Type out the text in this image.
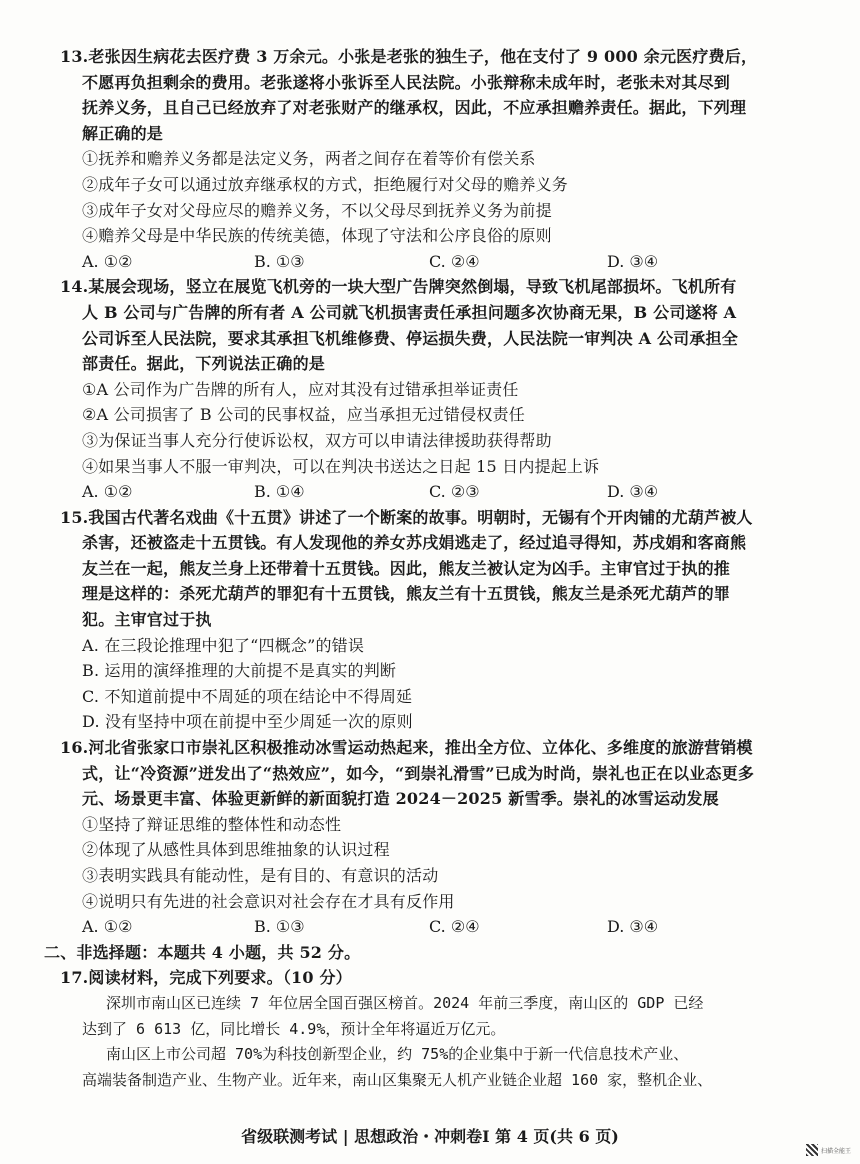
13.老张因生病花去医疗费 3 万余元。小张是老张的独生子，他在支付了 9 000 余元医疗费后，
不愿再负担剩余的费用。老张遂将小张诉至人民法院。小张辩称未成年时，老张未对其尽到
抚养义务，且自己已经放弃了对老张财产的继承权，因此，不应承担赡养责任。据此，下列理
解正确的是
①抚养和赡养义务都是法定义务，两者之间存在着等价有偿关系
②成年子女可以通过放弃继承权的方式，拒绝履行对父母的赡养义务
③成年子女对父母应尽的赡养义务，不以父母尽到抚养义务为前提
④赡养父母是中华民族的传统美德，体现了守法和公序良俗的原则
A. ①②	B. ①③	C. ②④	D. ③④
14.某展会现场，竖立在展览飞机旁的一块大型广告牌突然倒塌，导致飞机尾部损坏。飞机所有
人 B 公司与广告牌的所有者 A 公司就飞机损害责任承担问题多次协商无果，B 公司遂将 A
公司诉至人民法院，要求其承担飞机维修费、停运损失费，人民法院一审判决 A 公司承担全
部责任。据此，下列说法正确的是
①A 公司作为广告牌的所有人，应对其没有过错承担举证责任
②A 公司损害了 B 公司的民事权益，应当承担无过错侵权责任
③为保证当事人充分行使诉讼权，双方可以申请法律援助获得帮助
④如果当事人不服一审判决，可以在判决书送达之日起 15 日内提起上诉
A. ①②	B. ①④	C. ②③	D. ③④
15.我国古代著名戏曲《十五贯》讲述了一个断案的故事。明朝时，无锡有个开肉铺的尤葫芦被人
杀害，还被盗走十五贯钱。有人发现他的养女苏戌娟逃走了，经过追寻得知，苏戌娟和客商熊
友兰在一起，熊友兰身上还带着十五贯钱。因此，熊友兰被认定为凶手。主审官过于执的推
理是这样的：杀死尤葫芦的罪犯有十五贯钱，熊友兰有十五贯钱，熊友兰是杀死尤葫芦的罪
犯。主审官过于执
A. 在三段论推理中犯了“四概念”的错误
B. 运用的演绎推理的大前提不是真实的判断
C. 不知道前提中不周延的项在结论中不得周延
D. 没有坚持中项在前提中至少周延一次的原则
16.河北省张家口市崇礼区积极推动冰雪运动热起来，推出全方位、立体化、多维度的旅游营销模
式，让“冷资源”迸发出了“热效应”，如今，“到崇礼滑雪”已成为时尚，崇礼也正在以业态更多
元、场景更丰富、体验更新鲜的新面貌打造 2024－2025 新雪季。崇礼的冰雪运动发展
①坚持了辩证思维的整体性和动态性
②体现了从感性具体到思维抽象的认识过程
③表明实践具有能动性，是有目的、有意识的活动
④说明只有先进的社会意识对社会存在才具有反作用
A. ①②	B. ①③	C. ②④	D. ③④
二、非选择题：本题共 4 小题，共 52 分。
17.阅读材料，完成下列要求。（10 分）
深圳市南山区已连续 7 年位居全国百强区榜首。2024 年前三季度，南山区的 GDP 已经
达到了 6 613 亿，同比增长 4.9%，预计全年将逼近万亿元。
南山区上市公司超 70%为科技创新型企业，约 75%的企业集中于新一代信息技术产业、
高端装备制造产业、生物产业。近年来，南山区集聚无人机产业链企业超 160 家，整机企业、
省级联测考试 | 思想政治・冲刺卷Ⅰ 第 4 页(共 6 页)
扫描全能王
